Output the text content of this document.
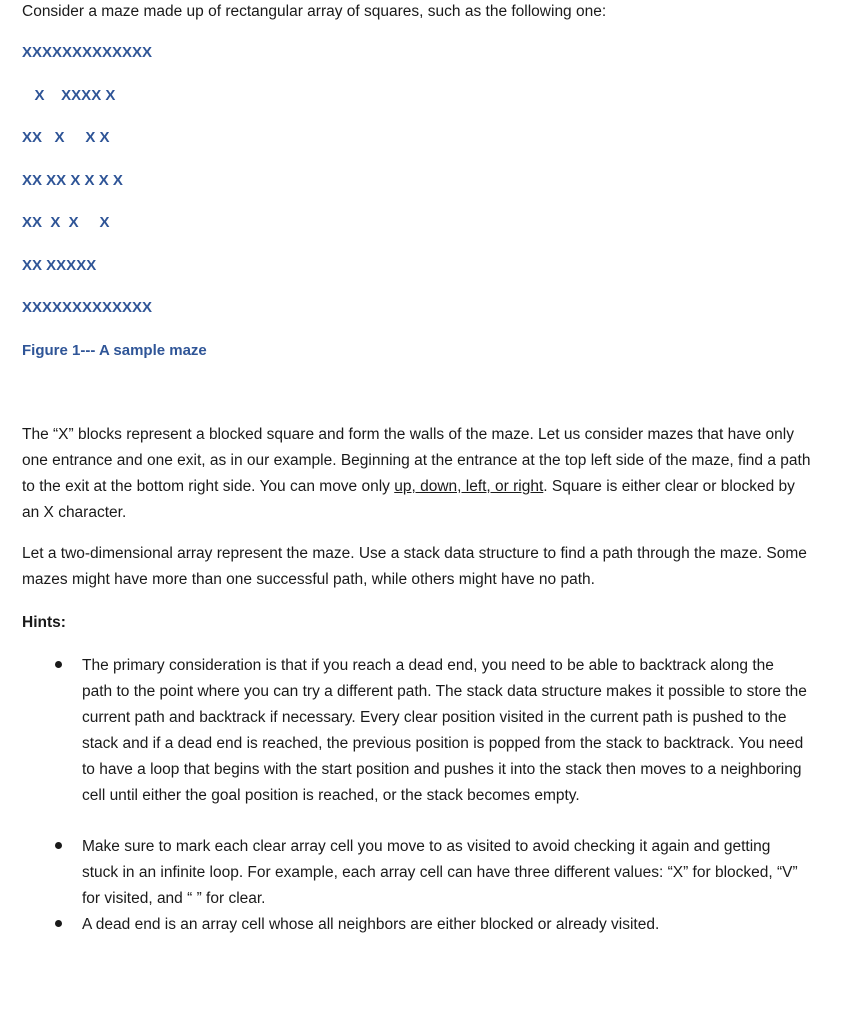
Consider a maze made up of rectangular array of squares, such as the following one:
XXXXXXXXXXXXX
X    XXXX X
XX   X     X X
XX XX X X X X
XX  X  X     X
XX XXXXX
XXXXXXXXXXXXX
Figure 1--- A sample maze
The “X” blocks represent a blocked square and form the walls of the maze. Let us consider mazes that have only one entrance and one exit, as in our example. Beginning at the entrance at the top left side of the maze, find a path to the exit at the bottom right side. You can move only up, down, left, or right. Square is either clear or blocked by an X character.
Let a two-dimensional array represent the maze. Use a stack data structure to find a path through the maze. Some mazes might have more than one successful path, while others might have no path.
Hints:
The primary consideration is that if you reach a dead end, you need to be able to backtrack along the path to the point where you can try a different path. The stack data structure makes it possible to store the current path and backtrack if necessary. Every clear position visited in the current path is pushed to the stack and if a dead end is reached, the previous position is popped from the stack to backtrack. You need to have a loop that begins with the start position and pushes it into the stack then moves to a neighboring cell until either the goal position is reached, or the stack becomes empty.
Make sure to mark each clear array cell you move to as visited to avoid checking it again and getting stuck in an infinite loop. For example, each array cell can have three different values: “X” for blocked, “V” for visited, and “ ” for clear.
A dead end is an array cell whose all neighbors are either blocked or already visited.
